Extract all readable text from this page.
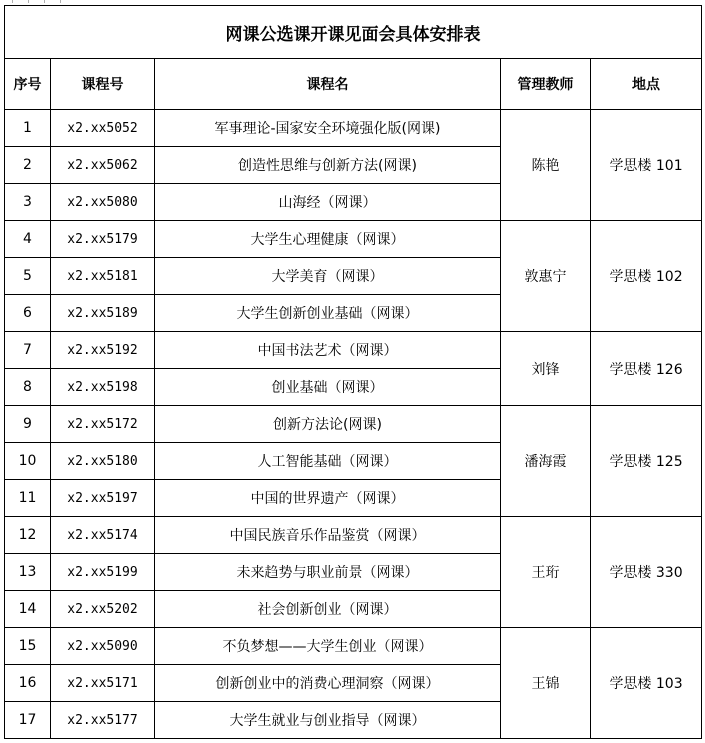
网课公选课开课见面会具体安排表				
序号	课程号	课程名	管理教师	地点
1	x2.xx5052	军事理论-国家安全环境强化版(网课)	陈艳	学思楼 101
2	x2.xx5062	创造性思维与创新方法(网课)		
3	x2.xx5080	山海经（网课）		
4	x2.xx5179	大学生心理健康（网课）	敦惠宁	学思楼 102
5	x2.xx5181	大学美育（网课）		
6	x2.xx5189	大学生创新创业基础（网课）		
7	x2.xx5192	中国书法艺术（网课）	刘锋	学思楼 126
8	x2.xx5198	创业基础（网课）		
9	x2.xx5172	创新方法论(网课)	潘海霞	学思楼 125
10	x2.xx5180	人工智能基础（网课）		
11	x2.xx5197	中国的世界遗产（网课）		
12	x2.xx5174	中国民族音乐作品鉴赏（网课）	王珩	学思楼 330
13	x2.xx5199	未来趋势与职业前景（网课）		
14	x2.xx5202	社会创新创业（网课）		
15	x2.xx5090	不负梦想——大学生创业（网课）	王锦	学思楼 103
16	x2.xx5171	创新创业中的消费心理洞察（网课）		
17	x2.xx5177	大学生就业与创业指导（网课）		
